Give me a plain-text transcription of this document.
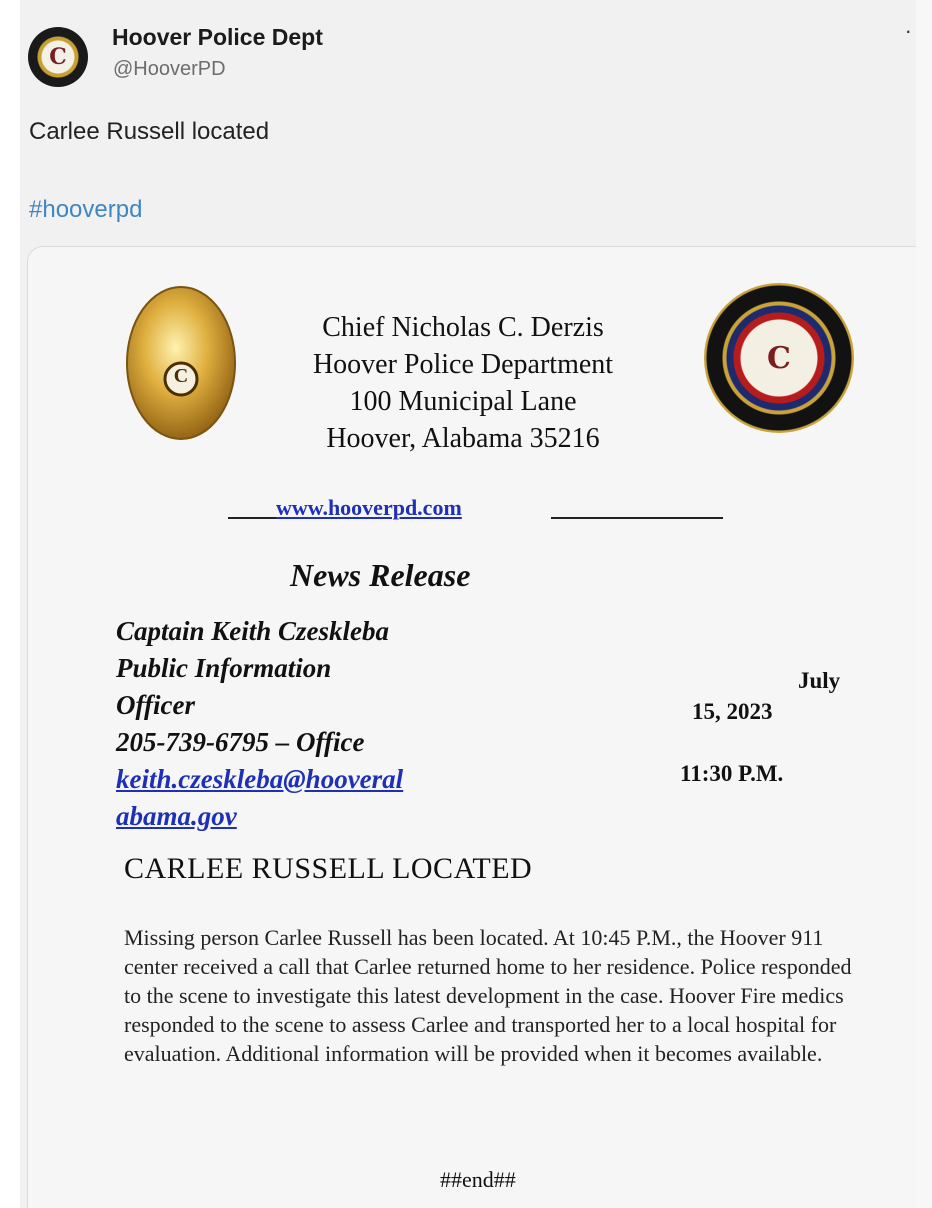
C
Hoover Police Dept
@HooverPD
·
Carlee Russell located
#hooverpd
C
Chief Nicholas C. Derzis
Hoover Police Department
100 Municipal Lane
Hoover, Alabama 35216
C
www.hooverpd.com
News Release
Captain Keith Czeskleba
Public Information
Officer
205-739-6795 – Office
keith.czeskleba@hooveral
abama.gov
July
15, 2023
11:30 P.M.
CARLEE RUSSELL LOCATED
Missing person Carlee Russell has been located. At 10:45 P.M., the Hoover 911 center received a call that Carlee returned home to her residence. Police responded to the scene to investigate this latest development in the case. Hoover Fire medics responded to the scene to assess Carlee and transported her to a local hospital for evaluation. Additional information will be provided when it becomes available.
##end##
